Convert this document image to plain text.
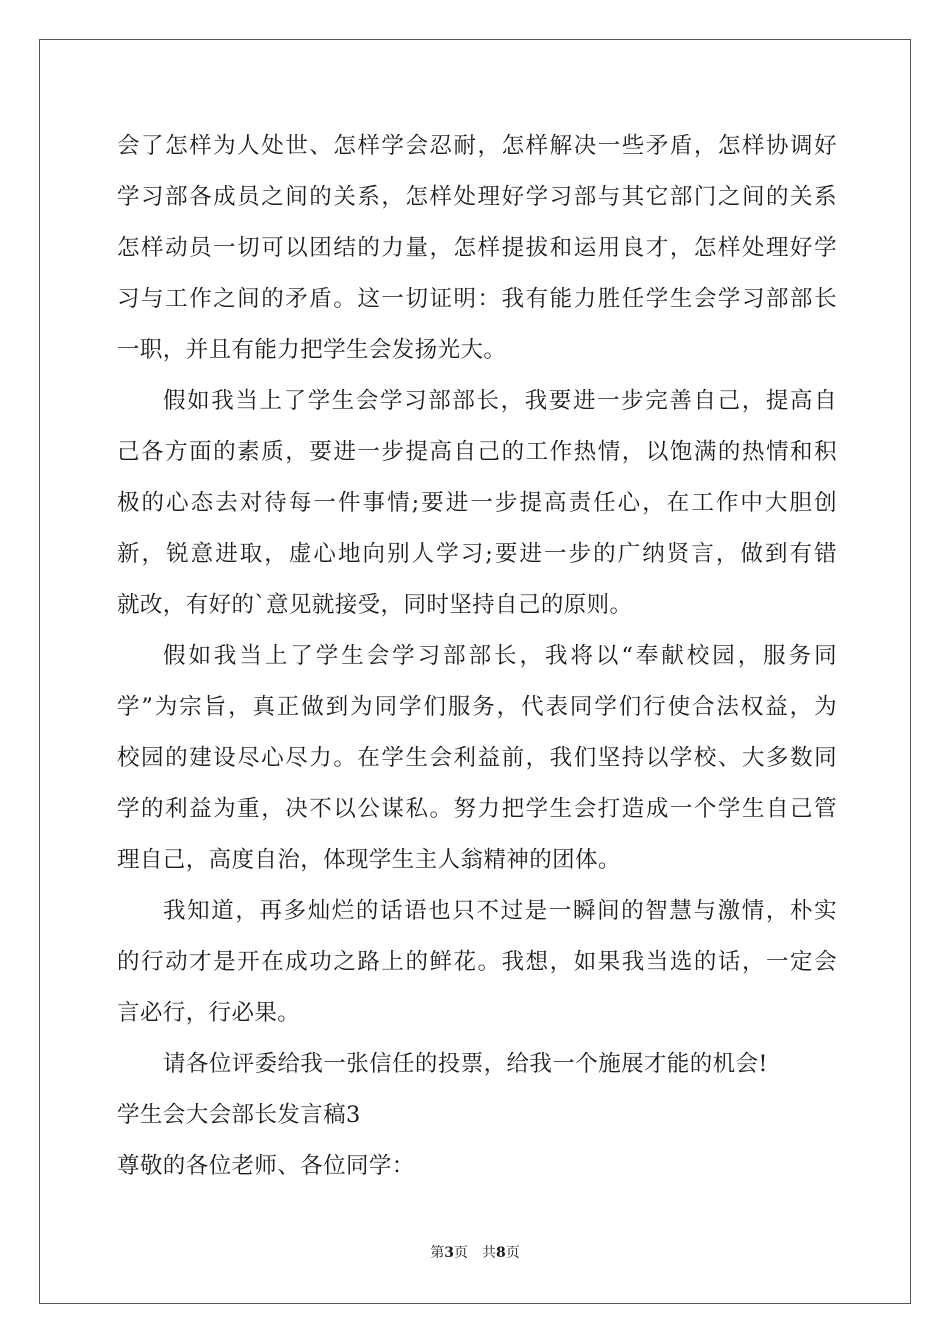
会了怎样为人处世、怎样学会忍耐，怎样解决一些矛盾，怎样协调好
学习部各成员之间的关系，怎样处理好学习部与其它部门之间的关系
怎样动员一切可以团结的力量，怎样提拔和运用良才，怎样处理好学
习与工作之间的矛盾。这一切证明：我有能力胜任学生会学习部部长
一职，并且有能力把学生会发扬光大。
假如我当上了学生会学习部部长，我要进一步完善自己，提高自
己各方面的素质，要进一步提高自己的工作热情，以饱满的热情和积
极的心态去对待每一件事情;要进一步提高责任心，在工作中大胆创
新，锐意进取，虚心地向别人学习;要进一步的广纳贤言，做到有错
就改，有好的`意见就接受，同时坚持自己的原则。
假如我当上了学生会学习部部长，我将以“奉献校园，服务同
学”为宗旨，真正做到为同学们服务，代表同学们行使合法权益，为
校园的建设尽心尽力。在学生会利益前，我们坚持以学校、大多数同
学的利益为重，决不以公谋私。努力把学生会打造成一个学生自己管
理自己，高度自治，体现学生主人翁精神的团体。
我知道，再多灿烂的话语也只不过是一瞬间的智慧与激情，朴实
的行动才是开在成功之路上的鲜花。我想，如果我当选的话，一定会
言必行，行必果。
请各位评委给我一张信任的投票，给我一个施展才能的机会!
学生会大会部长发言稿3
尊敬的各位老师、各位同学：
第3页　共8页
